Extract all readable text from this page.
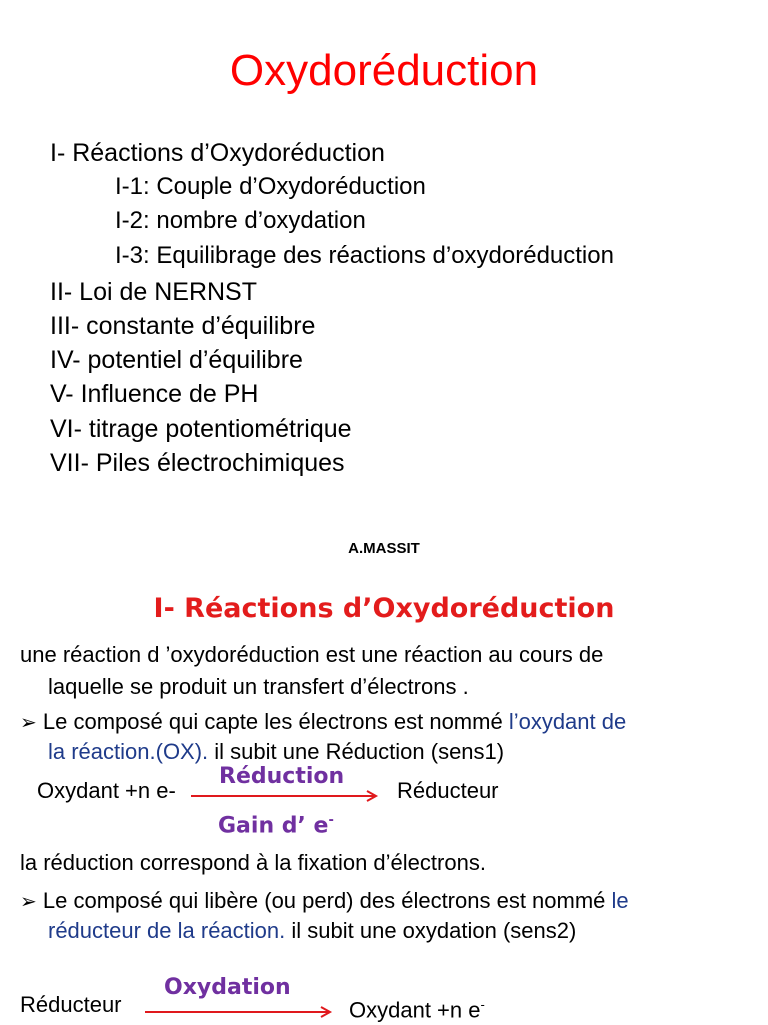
Oxydoréduction
I- Réactions d’Oxydoréduction
I-1: Couple d’Oxydoréduction
I-2: nombre d’oxydation
I-3: Equilibrage des réactions d’oxydoréduction
II- Loi de NERNST
III- constante d’équilibre
IV- potentiel d’équilibre
V- Influence de PH
VI- titrage potentiométrique
VII- Piles électrochimiques
A.MASSIT
I- Réactions d’Oxydoréduction
une réaction d ’oxydoréduction est une réaction au cours de
laquelle se produit un transfert d’électrons .
➢ Le composé qui capte les électrons est nommé l’oxydant de
la réaction.(OX). il subit une Réduction (sens1)
Oxydant +n e-
Réduction
Réducteur
Gain d’ e-
la réduction correspond à la fixation d’électrons.
➢ Le composé qui libère (ou perd) des électrons est nommé le
réducteur de la réaction. il subit une oxydation (sens2)
Réducteur
Oxydation
Oxydant +n e-
